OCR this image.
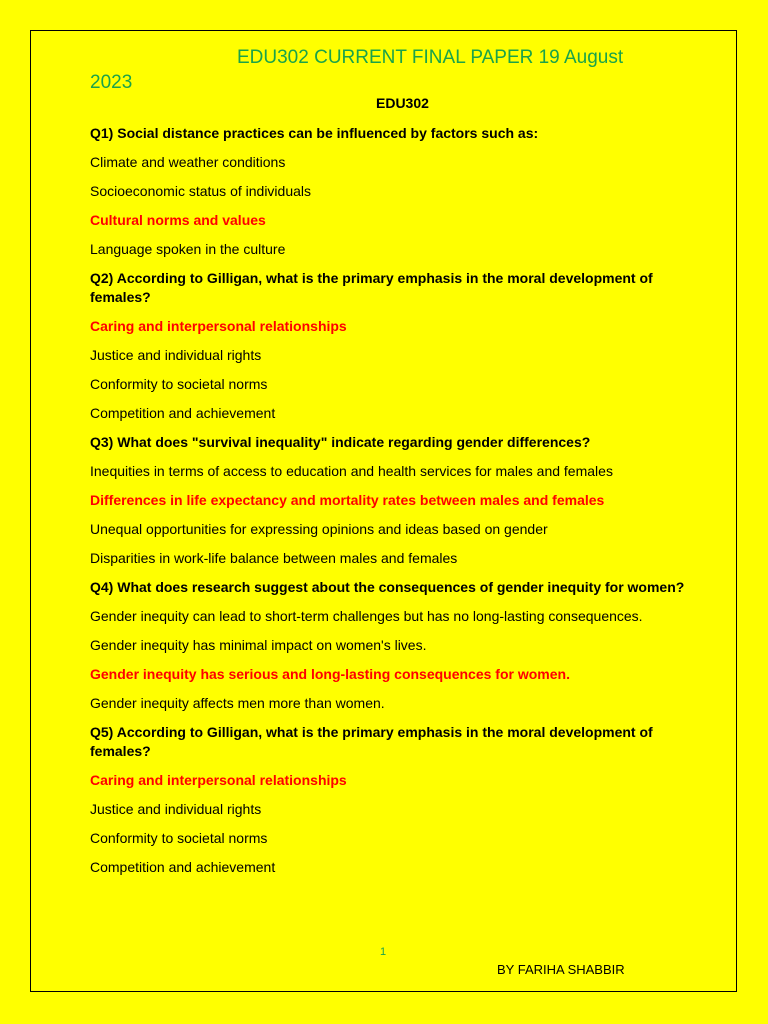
EDU302 CURRENT FINAL PAPER 19 August
2023
EDU302
Q1) Social distance practices can be influenced by factors such as:
Climate and weather conditions
Socioeconomic status of individuals
Cultural norms and values
Language spoken in the culture
Q2) According to Gilligan, what is the primary emphasis in the moral development of females?
Caring and interpersonal relationships
Justice and individual rights
Conformity to societal norms
Competition and achievement
Q3) What does "survival inequality" indicate regarding gender differences?
Inequities in terms of access to education and health services for males and females
Differences in life expectancy and mortality rates between males and females
Unequal opportunities for expressing opinions and ideas based on gender
Disparities in work-life balance between males and females
Q4) What does research suggest about the consequences of gender inequity for women?
Gender inequity can lead to short-term challenges but has no long-lasting consequences.
Gender inequity has minimal impact on women's lives.
Gender inequity has serious and long-lasting consequences for women.
Gender inequity affects men more than women.
Q5) According to Gilligan, what is the primary emphasis in the moral development of females?
Caring and interpersonal relationships
Justice and individual rights
Conformity to societal norms
Competition and achievement
1
BY FARIHA SHABBIR
